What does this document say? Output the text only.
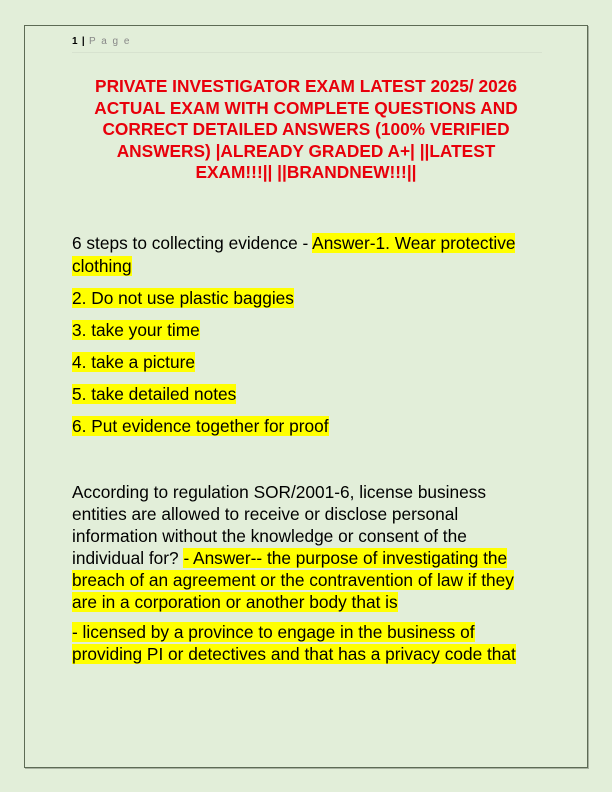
1 | P a g e
PRIVATE INVESTIGATOR EXAM LATEST 2025/ 2026
ACTUAL EXAM WITH COMPLETE QUESTIONS AND
CORRECT DETAILED ANSWERS (100% VERIFIED
ANSWERS) |ALREADY GRADED A+| ||LATEST
EXAM!!!|| ||BRANDNEW!!!||
6 steps to collecting evidence - Answer-1. Wear protective
clothing
2. Do not use plastic baggies
3. take your time
4. take a picture
5. take detailed notes
6. Put evidence together for proof
According to regulation SOR/2001-6, license business
entities are allowed to receive or disclose personal
information without the knowledge or consent of the
individual for? - Answer-- the purpose of investigating the
breach of an agreement or the contravention of law if they
are in a corporation or another body that is
- licensed by a province to engage in the business of
providing PI or detectives and that has a privacy code that
